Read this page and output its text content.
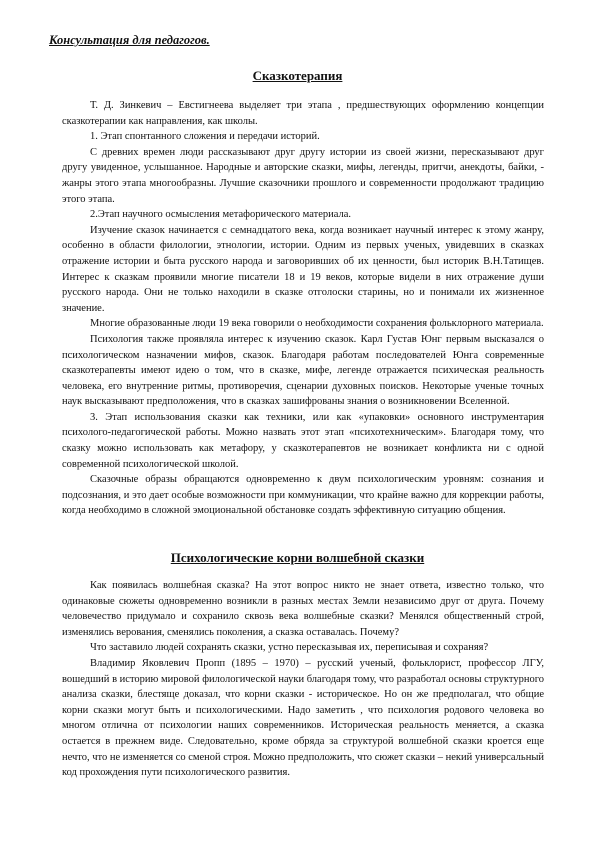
Консультация для педагогов.

Сказкотерапия

Т. Д. Зинкевич – Евстигнеева выделяет три этапа , предшествующих оформлению концепции сказкотерапии как направления, как школы.

1. Этап спонтанного сложения и передачи историй.

С древних времен люди рассказывают друг другу истории из своей жизни, пересказывают друг другу увиденное, услышанное. Народные и авторские сказки, мифы, легенды, притчи, анекдоты, байки, - жанры этого этапа многообразны. Лучшие сказочники прошлого и современности продолжают традицию этого этапа.

2.Этап научного осмысления метафорического материала.

Изучение сказок начинается с семнадцатого века, когда возникает научный интерес к этому жанру, особенно в области филологии, этнологии, истории. Одним из первых ученых, увидевших в сказках отражение истории и быта русского народа и заговоривших об их ценности, был историк В.Н.Татищев. Интерес к сказкам проявили многие писатели 18 и 19 веков, которые видели в них отражение души русского народа. Они не только находили в сказке отголоски старины, но и понимали их жизненное значение.

Многие образованные люди 19 века говорили о необходимости сохранения фольклорного материала.

Психология также проявляла интерес к изучению сказок. Карл Густав Юнг первым высказался о психологическом назначении мифов, сказок. Благодаря работам последователей Юнга современные сказкотерапевты имеют идею о том, что в сказке, мифе, легенде отражается психическая реальность человека, его внутренние ритмы, противоречия, сценарии духовных поисков. Некоторые ученые точных наук высказывают предположения, что в сказках зашифрованы знания о возникновении Вселенной.

3. Этап использования сказки как техники, или как «упаковки» основного инструментария психолого-педагогической работы. Можно назвать этот этап «психотехническим». Благодаря тому, что сказку можно использовать как метафору, у сказкотерапевтов не возникает конфликта ни с одной современной психологической школой.

Сказочные образы обращаются одновременно к двум психологическим уровням: сознания и подсознания, и это дает особые возможности при коммуникации, что крайне важно для коррекции работы, когда необходимо в сложной эмоциональной обстановке создать эффективную ситуацию общения.

Психологические корни волшебной сказки

Как появилась волшебная сказка? На этот вопрос никто не знает ответа, известно только, что одинаковые сюжеты одновременно возникли в разных местах Земли независимо друг от друга. Почему человечество придумало и сохранило сквозь века волшебные сказки? Менялся общественный строй, изменялись верования, сменялись поколения, а сказка оставалась. Почему?

Что заставило людей сохранять сказки, устно пересказывая их, переписывая и сохраняя?

Владимир Яковлевич Пропп (1895 – 1970) – русский ученый, фольклорист, профессор ЛГУ, вошедший в историю мировой филологической науки благодаря тому, что разработал основы структурного анализа сказки, блестяще доказал, что корни сказки - историческое. Но он же предполагал, что общие корни сказки могут быть и психологическими. Надо заметить , что психология родового человека во многом отлична от психологии наших современников. Историческая реальность меняется, а сказка остается в прежнем виде. Следовательно, кроме обряда за структурой волшебной сказки кроется еще нечто, что не изменяется со сменой строя. Можно предположить, что сюжет сказки – некий универсальный код прохождения пути психологического развития.
